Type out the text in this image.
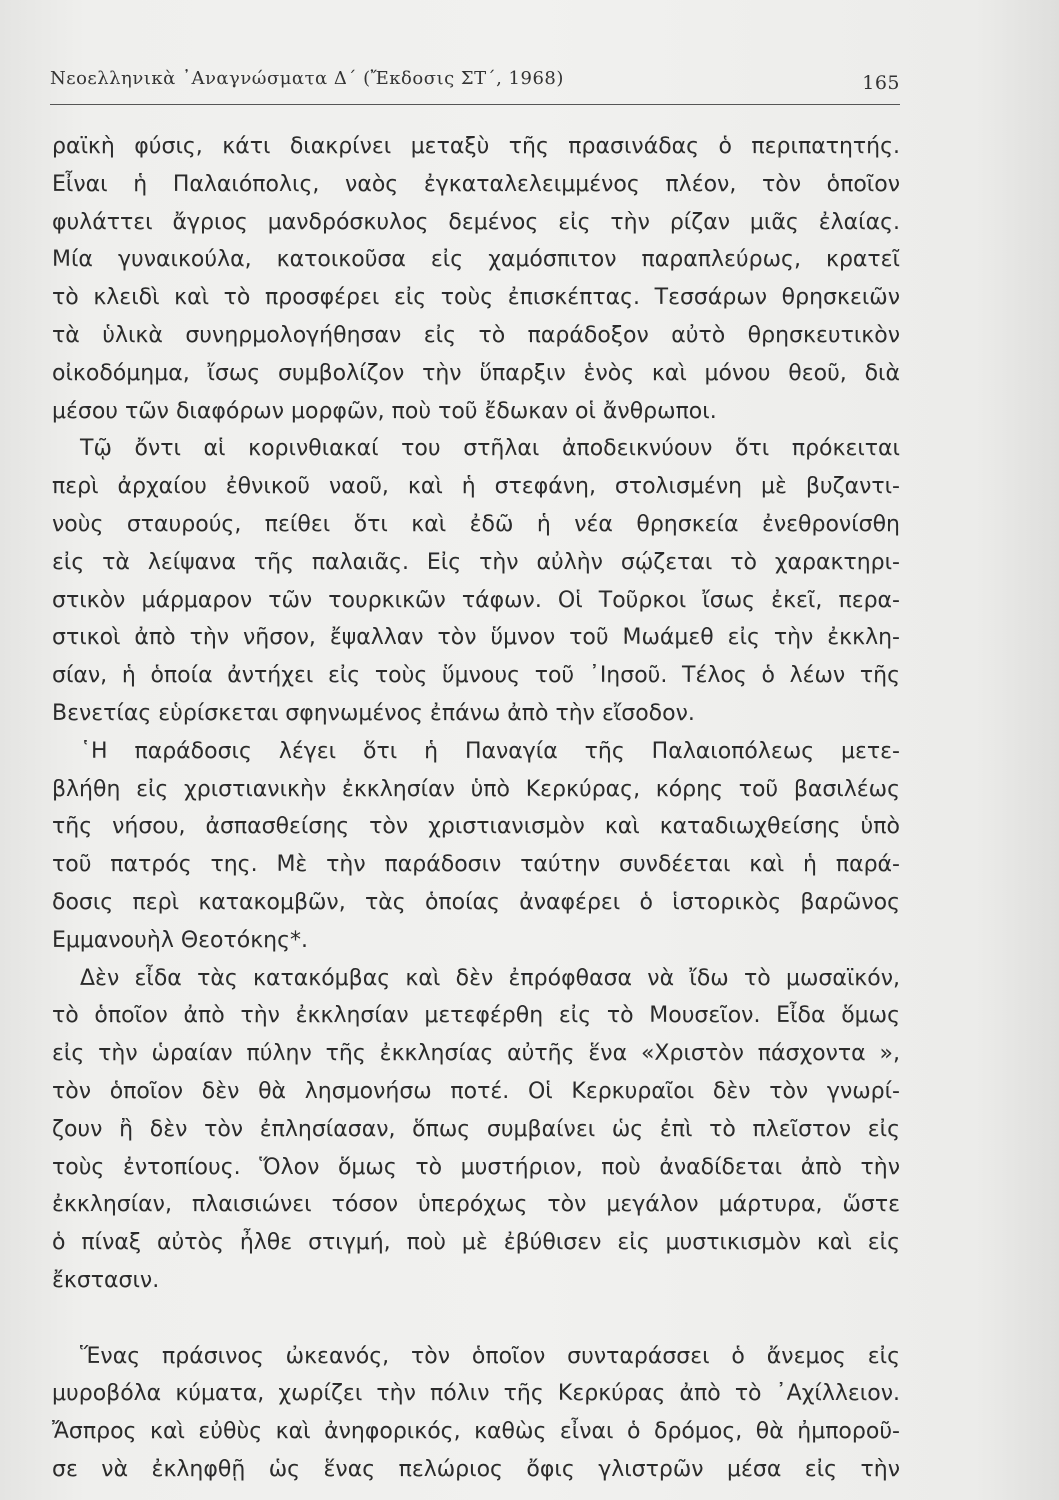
Νεοελληνικὰ ᾿Αναγνώσματα Δ΄ (Ἔκδοσις ΣΤ΄, 1968)	165
ραϊκὴ φύσις, κάτι διακρίνει μεταξὺ τῆς πρασινάδας ὁ περιπατητής.
Εἶναι ἡ Παλαιόπολις, ναὸς ἐγκαταλελειμμένος πλέον, τὸν ὁποῖον
φυλάττει ἄγριος μανδρόσκυλος δεμένος εἰς τὴν ρίζαν μιᾶς ἐλαίας.
Μία γυναικούλα, κατοικοῦσα εἰς χαμόσπιτον παραπλεύρως, κρατεῖ
τὸ κλειδὶ καὶ τὸ προσφέρει εἰς τοὺς ἐπισκέπτας. Τεσσάρων θρησκειῶν
τὰ ὑλικὰ συνηρμολογήθησαν εἰς τὸ παράδοξον αὐτὸ θρησκευτικὸν
οἰκοδόμημα, ἴσως συμβολίζον τὴν ὕπαρξιν ἑνὸς καὶ μόνου θεοῦ, διὰ
μέσου τῶν διαφόρων μορφῶν, ποὺ τοῦ ἔδωκαν οἱ ἄνθρωποι.
Τῷ ὄντι αἱ κορινθιακαί του στῆλαι ἀποδεικνύουν ὅτι πρόκειται
περὶ ἀρχαίου ἐθνικοῦ ναοῦ, καὶ ἡ στεφάνη, στολισμένη μὲ βυζαντι-
νοὺς σταυρούς, πείθει ὅτι καὶ ἐδῶ ἡ νέα θρησκεία ἐνεθρονίσθη
εἰς τὰ λείψανα τῆς παλαιᾶς. Εἰς τὴν αὐλὴν σῴζεται τὸ χαρακτηρι-
στικὸν μάρμαρον τῶν τουρκικῶν τάφων. Οἱ Τοῦρκοι ἴσως ἐκεῖ, περα-
στικοὶ ἀπὸ τὴν νῆσον, ἔψαλλαν τὸν ὕμνον τοῦ Μωάμεθ εἰς τὴν ἐκκλη-
σίαν, ἡ ὁποία ἀντήχει εἰς τοὺς ὕμνους τοῦ ᾿Ιησοῦ. Τέλος ὁ λέων τῆς
Βενετίας εὑρίσκεται σφηνωμένος ἐπάνω ἀπὸ τὴν εἴσοδον.
῾Η παράδοσις λέγει ὅτι ἡ Παναγία τῆς Παλαιοπόλεως μετε-
βλήθη εἰς χριστιανικὴν ἐκκλησίαν ὑπὸ Κερκύρας, κόρης τοῦ βασιλέως
τῆς νήσου, ἀσπασθείσης τὸν χριστιανισμὸν καὶ καταδιωχθείσης ὑπὸ
τοῦ πατρός της. Μὲ τὴν παράδοσιν ταύτην συνδέεται καὶ ἡ παρά-
δοσις περὶ κατακομβῶν, τὰς ὁποίας ἀναφέρει ὁ ἱστορικὸς βαρῶνος
Εμμανουὴλ Θεοτόκης*.
Δὲν εἶδα τὰς κατακόμβας καὶ δὲν ἐπρόφθασα νὰ ἴδω τὸ μωσαϊκόν,
τὸ ὁποῖον ἀπὸ τὴν ἐκκλησίαν μετεφέρθη εἰς τὸ Μουσεῖον. Εἶδα ὅμως
εἰς τὴν ὡραίαν πύλην τῆς ἐκκλησίας αὐτῆς ἕνα «Χριστὸν πάσχοντα »,
τὸν ὁποῖον δὲν θὰ λησμονήσω ποτέ. Οἱ Κερκυραῖοι δὲν τὸν γνωρί-
ζουν ἢ δὲν τὸν ἐπλησίασαν, ὅπως συμβαίνει ὡς ἐπὶ τὸ πλεῖστον εἰς
τοὺς ἐντοπίους. Ὅλον ὅμως τὸ μυστήριον, ποὺ ἀναδίδεται ἀπὸ τὴν
ἐκκλησίαν, πλαισιώνει τόσον ὑπερόχως τὸν μεγάλον μάρτυρα, ὥστε
ὁ πίναξ αὐτὸς ἦλθε στιγμή, ποὺ μὲ ἐβύθισεν εἰς μυστικισμὸν καὶ εἰς
ἔκστασιν.
Ἕνας πράσινος ὠκεανός, τὸν ὁποῖον συνταράσσει ὁ ἄνεμος εἰς
μυροβόλα κύματα, χωρίζει τὴν πόλιν τῆς Κερκύρας ἀπὸ τὸ ᾿Αχίλλειον.
Ἄσπρος καὶ εὐθὺς καὶ ἀνηφορικός, καθὼς εἶναι ὁ δρόμος, θὰ ἠμποροῦ-
σε νὰ ἐκληφθῇ ὡς ἕνας πελώριος ὄφις γλιστρῶν μέσα εἰς τὴν
